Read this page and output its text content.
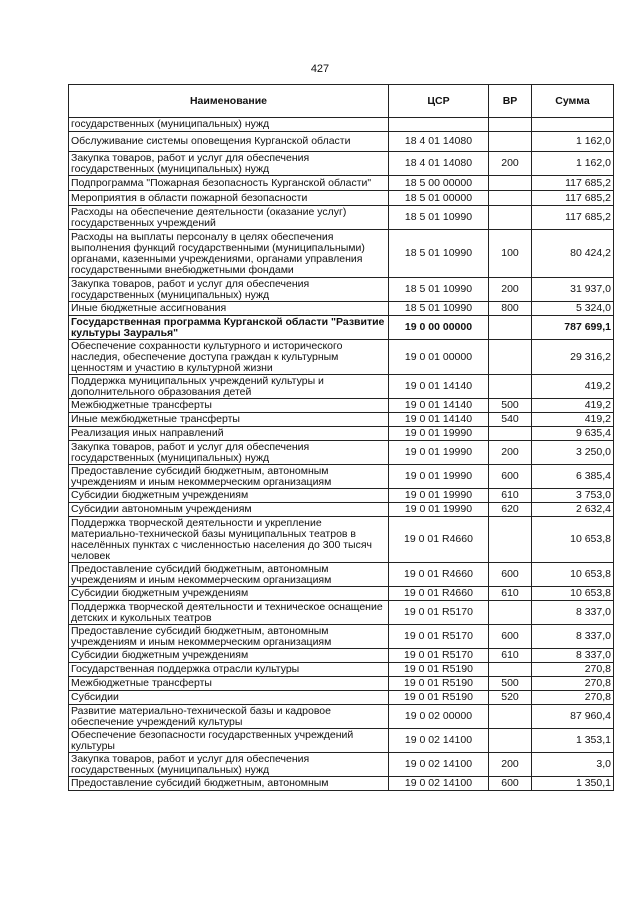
427
Наименование	ЦСР	ВР	Сумма
государственных (муниципальных) нужд			
Обслуживание системы оповещения Курганской области	18 4 01 14080		1 162,0
Закупка товаров, работ и услуг для обеспечения государственных (муниципальных) нужд	18 4 01 14080	200	1 162,0
Подпрограмма "Пожарная безопасность Курганской области"	18 5 00 00000		117 685,2
Мероприятия в области пожарной безопасности	18 5 01 00000		117 685,2
Расходы на обеспечение деятельности (оказание услуг) государственных учреждений	18 5 01 10990		117 685,2
Расходы на выплаты персоналу в целях обеспечения выполнения функций государственными (муниципальными) органами, казенными учреждениями, органами управления государственными внебюджетными фондами	18 5 01 10990	100	80 424,2
Закупка товаров, работ и услуг для обеспечения государственных (муниципальных) нужд	18 5 01 10990	200	31 937,0
Иные бюджетные ассигнования	18 5 01 10990	800	5 324,0
Государственная программа Курганской области "Развитие культуры Зауралья"	19 0 00 00000		787 699,1
Обеспечение сохранности культурного и исторического наследия, обеспечение доступа граждан к культурным ценностям и участию в культурной жизни	19 0 01 00000		29 316,2
Поддержка муниципальных учреждений культуры и дополнительного образования детей	19 0 01 14140		419,2
Межбюджетные трансферты	19 0 01 14140	500	419,2
Иные межбюджетные трансферты	19 0 01 14140	540	419,2
Реализация иных направлений	19 0 01 19990		9 635,4
Закупка товаров, работ и услуг для обеспечения государственных (муниципальных) нужд	19 0 01 19990	200	3 250,0
Предоставление субсидий бюджетным, автономным учреждениям и иным некоммерческим организациям	19 0 01 19990	600	6 385,4
Субсидии бюджетным учреждениям	19 0 01 19990	610	3 753,0
Субсидии автономным учреждениям	19 0 01 19990	620	2 632,4
Поддержка творческой деятельности и укрепление материально-технической базы муниципальных театров в населённых пунктах с численностью населения до 300 тысяч человек	19 0 01 R4660		10 653,8
Предоставление субсидий бюджетным, автономным учреждениям и иным некоммерческим организациям	19 0 01 R4660	600	10 653,8
Субсидии бюджетным учреждениям	19 0 01 R4660	610	10 653,8
Поддержка творческой деятельности и техническое оснащение детских и кукольных театров	19 0 01 R5170		8 337,0
Предоставление субсидий бюджетным, автономным учреждениям и иным некоммерческим организациям	19 0 01 R5170	600	8 337,0
Субсидии бюджетным учреждениям	19 0 01 R5170	610	8 337,0
Государственная поддержка отрасли культуры	19 0 01 R5190		270,8
Межбюджетные трансферты	19 0 01 R5190	500	270,8
Субсидии	19 0 01 R5190	520	270,8
Развитие материально-технической базы и кадровое обеспечение учреждений культуры	19 0 02 00000		87 960,4
Обеспечение безопасности государственных учреждений культуры	19 0 02 14100		1 353,1
Закупка товаров, работ и услуг для обеспечения государственных (муниципальных) нужд	19 0 02 14100	200	3,0
Предоставление субсидий бюджетным, автономным	19 0 02 14100	600	1 350,1
